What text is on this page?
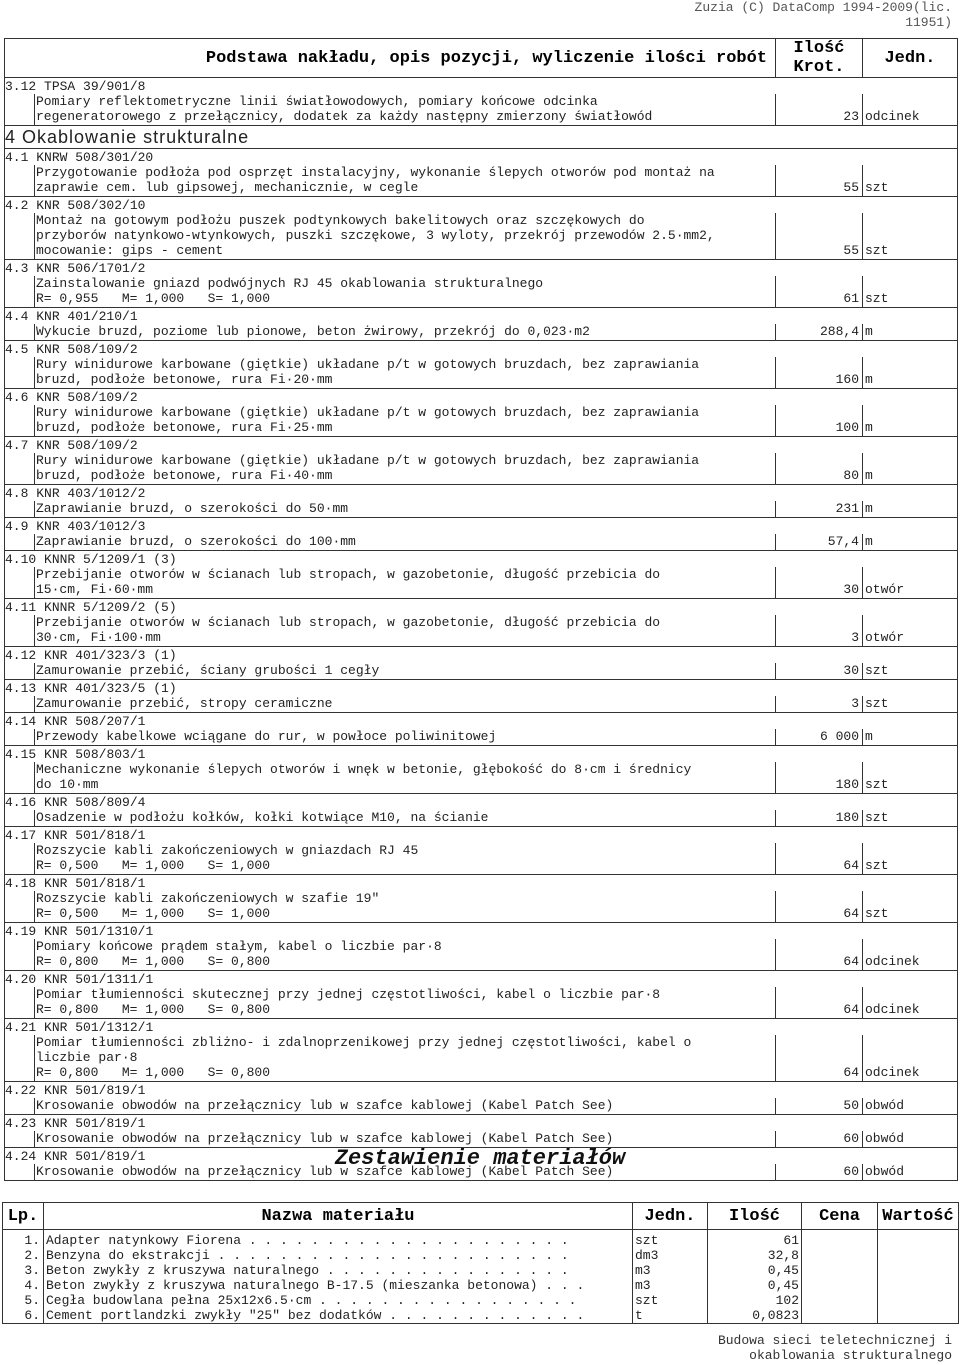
Zuzia (C) DataComp 1994-2009(lic.
11951)
Podstawa nakładu, opis pozycji, wyliczenie ilości robót		Ilość Krot.	Jedn.
3.12 TPSA 39/901/8			
	Pomiary reflektometryczne linii światłowodowych, pomiary końcowe odcinka
regeneratorowego z przełącznicy, dodatek za każdy następny zmierzony światłowód	23	odcinek
4 Okablowanie strukturalne			
4.1 KNRW 508/301/20			
	Przygotowanie podłoża pod osprzęt instalacyjny, wykonanie ślepych otworów pod montaż na
zaprawie cem. lub gipsowej, mechanicznie, w cegle	55	szt
4.2 KNR 508/302/10			
	Montaż na gotowym podłożu puszek podtynkowych bakelitowych oraz szczękowych do
przyborów natynkowo-wtynkowych, puszki szczękowe, 3 wyloty, przekrój przewodów 2.5·mm2,
mocowanie: gips - cement	55	szt
4.3 KNR 506/1701/2			
	Zainstalowanie gniazd podwójnych RJ 45 okablowania strukturalnego
R= 0,955   M= 1,000   S= 1,000	61	szt
4.4 KNR 401/210/1			
	Wykucie bruzd, poziome lub pionowe, beton żwirowy, przekrój do 0,023·m2	288,4	m
4.5 KNR 508/109/2			
	Rury winidurowe karbowane (giętkie) układane p/t w gotowych bruzdach, bez zaprawiania
bruzd, podłoże betonowe, rura Fi·20·mm	160	m
4.6 KNR 508/109/2			
	Rury winidurowe karbowane (giętkie) układane p/t w gotowych bruzdach, bez zaprawiania
bruzd, podłoże betonowe, rura Fi·25·mm	100	m
4.7 KNR 508/109/2			
	Rury winidurowe karbowane (giętkie) układane p/t w gotowych bruzdach, bez zaprawiania
bruzd, podłoże betonowe, rura Fi·40·mm	80	m
4.8 KNR 403/1012/2			
	Zaprawianie bruzd, o szerokości do 50·mm	231	m
4.9 KNR 403/1012/3			
	Zaprawianie bruzd, o szerokości do 100·mm	57,4	m
4.10 KNNR 5/1209/1 (3)			
	Przebijanie otworów w ścianach lub stropach, w gazobetonie, długość przebicia do
15·cm, Fi·60·mm	30	otwór
4.11 KNNR 5/1209/2 (5)			
	Przebijanie otworów w ścianach lub stropach, w gazobetonie, długość przebicia do
30·cm, Fi·100·mm	3	otwór
4.12 KNR 401/323/3 (1)			
	Zamurowanie przebić, ściany grubości 1 cegły	30	szt
4.13 KNR 401/323/5 (1)			
	Zamurowanie przebić, stropy ceramiczne	3	szt
4.14 KNR 508/207/1			
	Przewody kabelkowe wciągane do rur, w powłoce poliwinitowej	6 000	m
4.15 KNR 508/803/1			
	Mechaniczne wykonanie ślepych otworów i wnęk w betonie, głębokość do 8·cm i średnicy
do 10·mm	180	szt
4.16 KNR 508/809/4			
	Osadzenie w podłożu kołków, kołki kotwiące M10, na ścianie	180	szt
4.17 KNR 501/818/1			
	Rozszycie kabli zakończeniowych w gniazdach RJ 45
R= 0,500   M= 1,000   S= 1,000	64	szt
4.18 KNR 501/818/1			
	Rozszycie kabli zakończeniowych w szafie 19"
R= 0,500   M= 1,000   S= 1,000	64	szt
4.19 KNR 501/1310/1			
	Pomiary końcowe prądem stałym, kabel o liczbie par·8
R= 0,800   M= 1,000   S= 0,800	64	odcinek
4.20 KNR 501/1311/1			
	Pomiar tłumienności skutecznej przy jednej częstotliwości, kabel o liczbie par·8
R= 0,800   M= 1,000   S= 0,800	64	odcinek
4.21 KNR 501/1312/1			
	Pomiar tłumienności zbliżno- i zdalnoprzenikowej przy jednej częstotliwości, kabel o
liczbie par·8
R= 0,800   M= 1,000   S= 0,800	64	odcinek
4.22 KNR 501/819/1			
	Krosowanie obwodów na przełącznicy lub w szafce kablowej (Kabel Patch See)	50	obwód
4.23 KNR 501/819/1			
	Krosowanie obwodów na przełącznicy lub w szafce kablowej (Kabel Patch See)	60	obwód
4.24 KNR 501/819/1			
	Krosowanie obwodów na przełącznicy lub w szafce kablowej (Kabel Patch See)	60	obwód
Zestawienie materiałów
Lp.	Nazwa materiału	Jedn.	Ilość	Cena	Wartość
1.	Adapter natynkowy Fiorena . . . . . . . . . . . . . . . . . . . . .	szt	61		
2.	Benzyna do ekstrakcji . . . . . . . . . . . . . . . . . . . . . . .	dm3	32,8		
3.	Beton zwykły z kruszywa naturalnego . . . . . . . . . . . . . . . .	m3	0,45		
4.	Beton zwykły z kruszywa naturalnego B-17.5 (mieszanka betonowa) . . .	m3	0,45		
5.	Cegła budowlana pełna 25x12x6.5·cm . . . . . . . . . . . . . . . . .	szt	102		
6.	Cement portlandzki zwykły "25" bez dodatków . . . . . . . . . . . . .	t	0,0823		
Budowa sieci teletechnicznej i
okablowania strukturalnego
